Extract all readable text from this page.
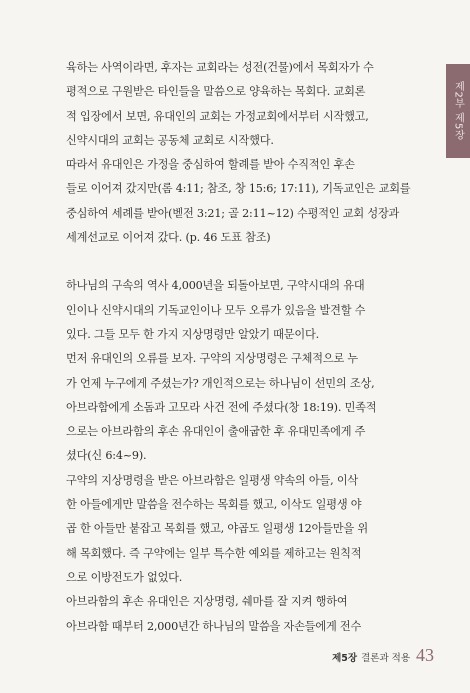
제2부 제5장

육하는 사역이라면, 후자는 교회라는 성전(건물)에서 목회자가 수

평적으로 구원받은 타인들을 말씀으로 양육하는 목회다. 교회론

적 입장에서 보면, 유대인의 교회는 가정교회에서부터 시작했고,

신약시대의 교회는 공동체 교회로 시작했다.

따라서 유대인은 가정을 중심하여 할례를 받아 수직적인 후손

들로 이어져 갔지만(롬 4:11; 참조, 창 15:6; 17:11), 기독교인은 교회를

중심하여 세례를 받아(벧전 3:21; 골 2:11~12) 수평적인 교회 성장과

세계선교로 이어져 갔다. (p. 46 도표 참조)

하나님의 구속의 역사 4,000년을 되돌아보면, 구약시대의 유대

인이나 신약시대의 기독교인이나 모두 오류가 있음을 발견할 수

있다. 그들 모두 한 가지 지상명령만 알았기 때문이다.

먼저 유대인의 오류를 보자. 구약의 지상명령은 구체적으로 누

가 언제 누구에게 주셨는가? 개인적으로는 하나님이 선민의 조상,

아브라함에게 소돔과 고모라 사건 전에 주셨다(창 18:19). 민족적

으로는 아브라함의 후손 유대인이 출애굽한 후 유대민족에게 주

셨다(신 6:4~9).

구약의 지상명령을 받은 아브라함은 일평생 약속의 아들, 이삭

한 아들에게만 말씀을 전수하는 목회를 했고, 이삭도 일평생 야

곱 한 아들만 붙잡고 목회를 했고, 야곱도 일평생 12아들만을 위

해 목회했다. 즉 구약에는 일부 특수한 예외를 제하고는 원칙적

으로 이방전도가 없었다.

아브라함의 후손 유대인은 지상명령, 쉐마를 잘 지켜 행하여

아브라함 때부터 2,000년간 하나님의 말씀을 자손들에게 전수

제5장 결론과 적용 43
